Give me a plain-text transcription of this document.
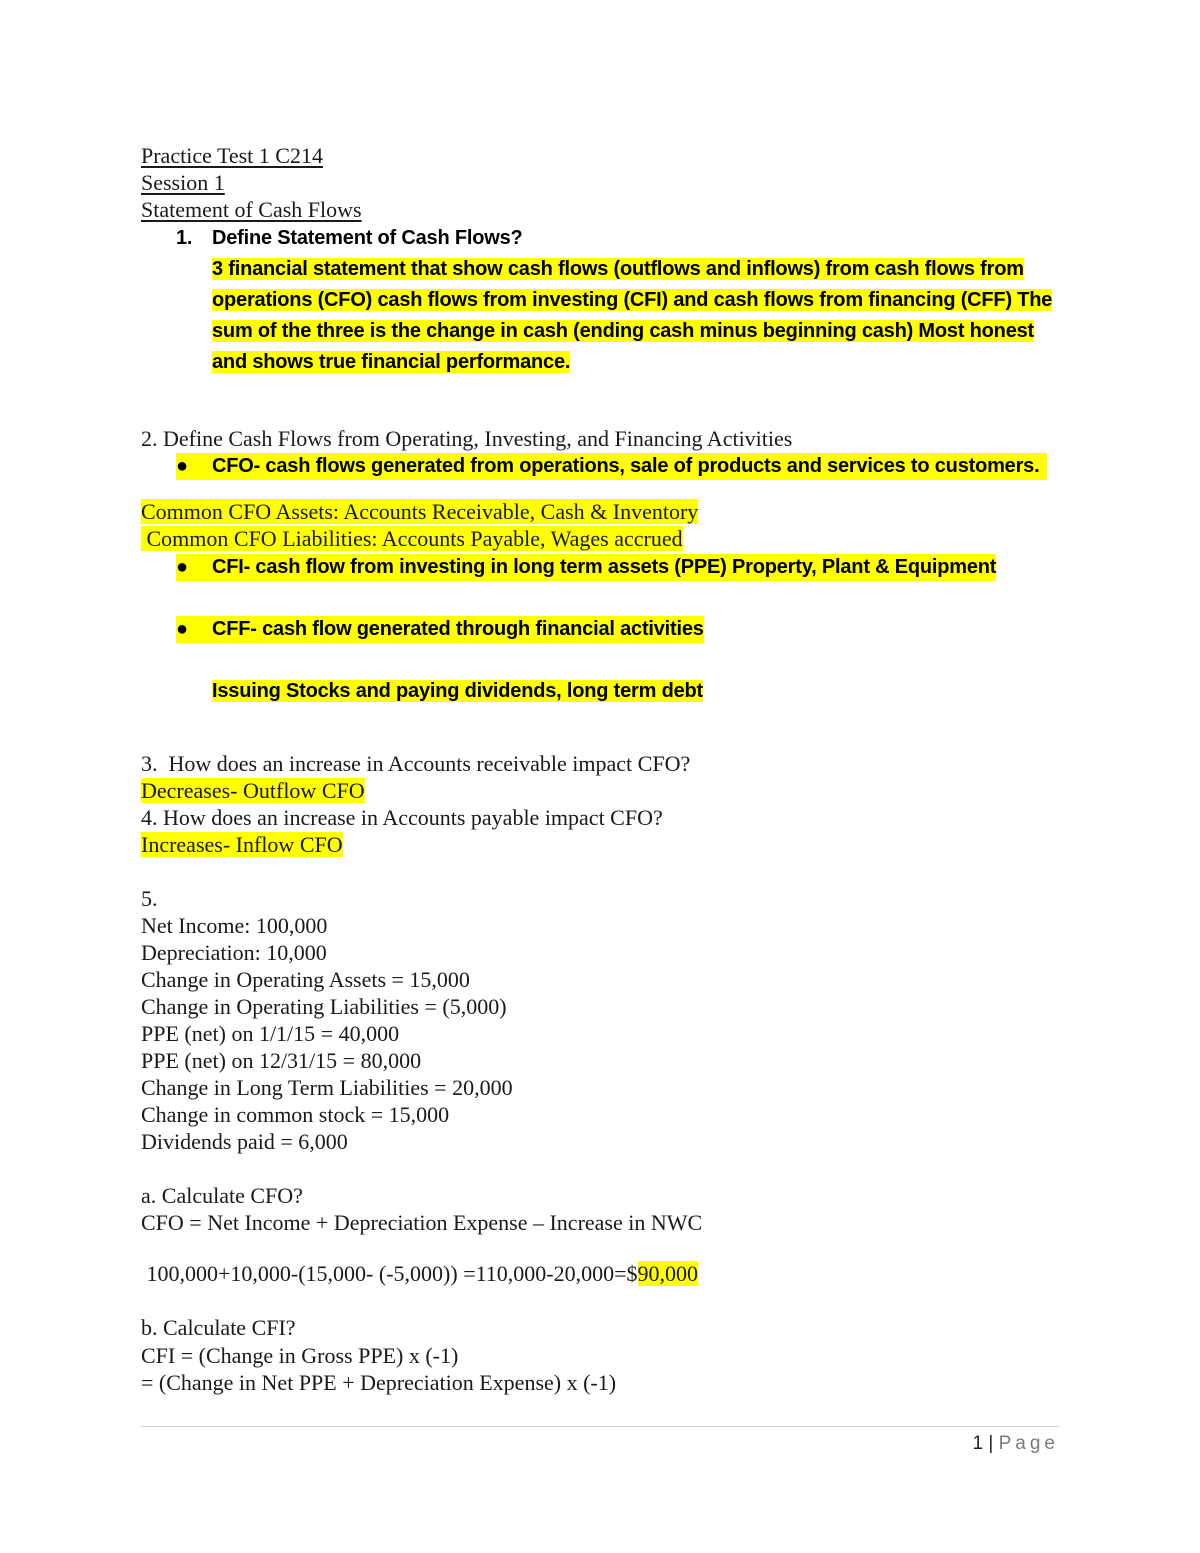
Practice Test 1 C214
Session 1
Statement of Cash Flows
1. Define Statement of Cash Flows?
3 financial statement that show cash flows (outflows and inflows) from cash flows from
operations (CFO) cash flows from investing (CFI) and cash flows from financing (CFF) The
sum of the three is the change in cash (ending cash minus beginning cash) Most honest
and shows true financial performance.
2. Define Cash Flows from Operating, Investing, and Financing Activities
● CFO- cash flows generated from operations, sale of products and services to customers.
Common CFO Assets: Accounts Receivable, Cash & Inventory
Common CFO Liabilities: Accounts Payable, Wages accrued
● CFI- cash flow from investing in long term assets (PPE) Property, Plant & Equipment
● CFF- cash flow generated through financial activities
Issuing Stocks and paying dividends, long term debt
3.  How does an increase in Accounts receivable impact CFO?
Decreases- Outflow CFO
4. How does an increase in Accounts payable impact CFO?
Increases- Inflow CFO
5.
Net Income: 100,000
Depreciation: 10,000
Change in Operating Assets = 15,000
Change in Operating Liabilities = (5,000)
PPE (net) on 1/1/15 = 40,000
PPE (net) on 12/31/15 = 80,000
Change in Long Term Liabilities = 20,000
Change in common stock = 15,000
Dividends paid = 6,000
a. Calculate CFO?
CFO = Net Income + Depreciation Expense – Increase in NWC
100,000+10,000-(15,000- (-5,000)) =110,000-20,000=$90,000
b. Calculate CFI?
CFI = (Change in Gross PPE) x (-1)
= (Change in Net PPE + Depreciation Expense) x (-1)
1 | Page
